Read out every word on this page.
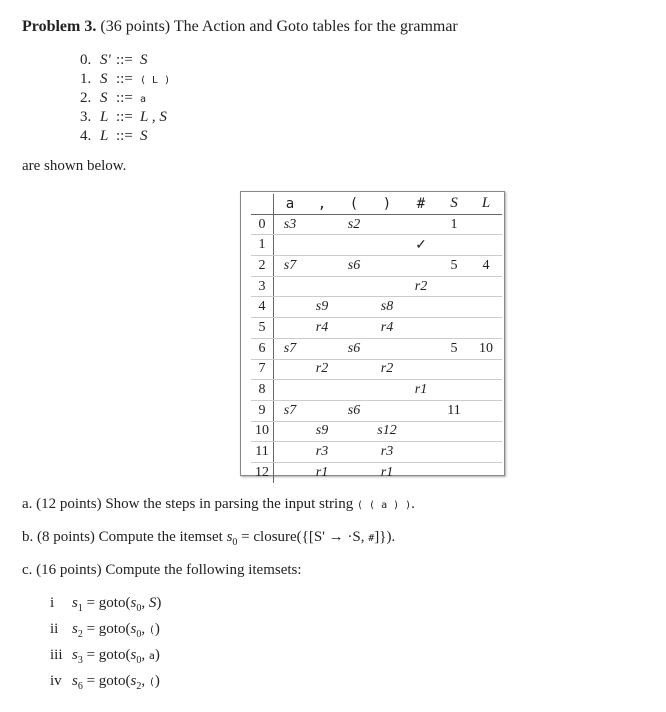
Problem 3. (36 points) The Action and Goto tables for the grammar
0. S' ::= S
1. S ::= ( L )
2. S ::= a
3. L ::= L , S
4. L ::= S
are shown below.
	a	,	(	)	#	S	L
0	s3		s2			1	
1					✓		
2	s7		s6			5	4
3					r2		
4		s9		s8			
5		r4		r4			
6	s7		s6			5	10
7		r2		r2			
8					r1		
9	s7		s6			11	
10		s9		s12			
11		r3		r3			
12		r1		r1			
a. (12 points) Show the steps in parsing the input string ( ( a ) ).
b. (8 points) Compute the itemset $s_0$ = closure({[S' → ·S, #]}).
c. (16 points) Compute the following itemsets:
i $s_1$ = $goto(s_0$, S)
ii $s_2$ = $goto(s_0$, ()
iii $s_3$ = $goto(s_0$, a)
iv $s_6$ = $goto(s_2$, ()
